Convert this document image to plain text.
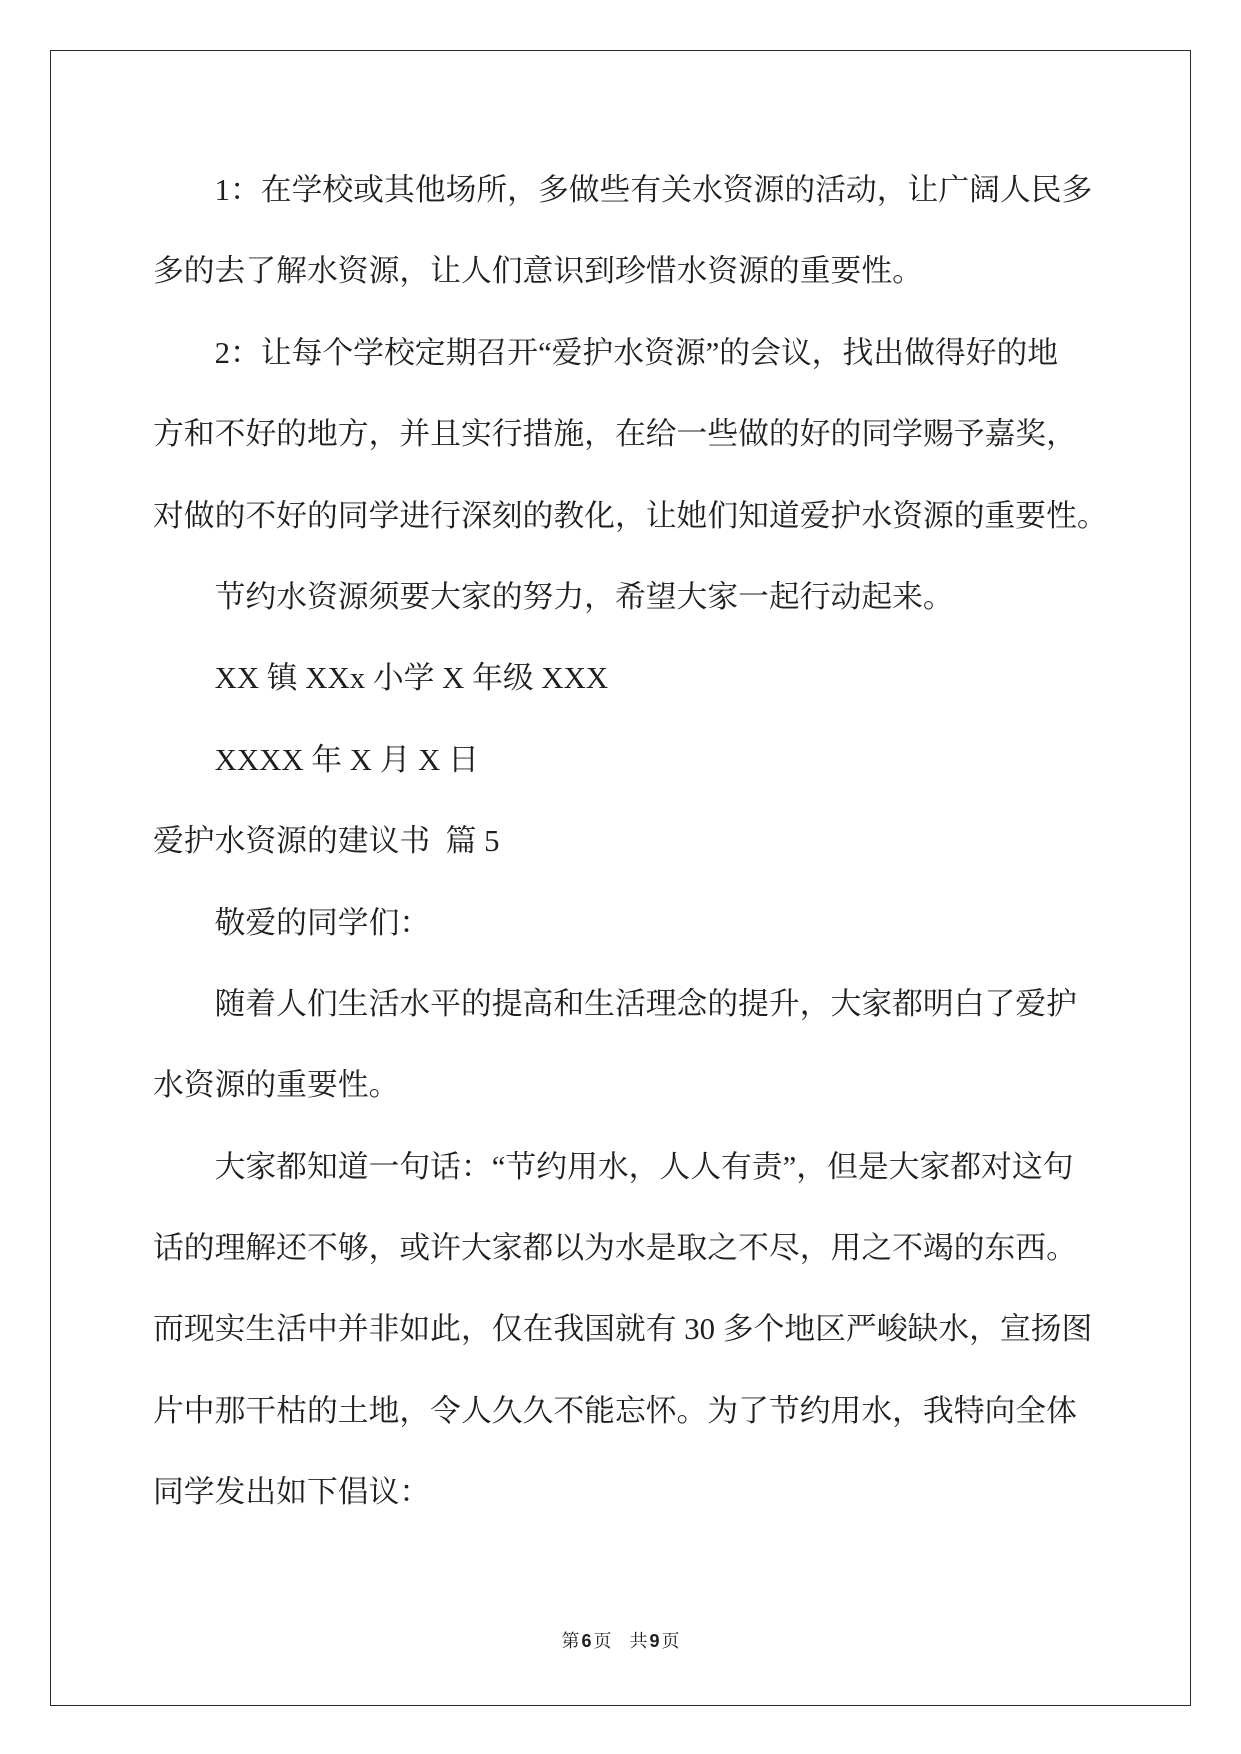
1：在学校或其他场所，多做些有关水资源的活动，让广阔人民多
多的去了解水资源，让人们意识到珍惜水资源的重要性。
2：让每个学校定期召开“爱护水资源”的会议，找出做得好的地
方和不好的地方，并且实行措施，在给一些做的好的同学赐予嘉奖，
对做的不好的同学进行深刻的教化，让她们知道爱护水资源的重要性。
节约水资源须要大家的努力，希望大家一起行动起来。
XX 镇 XXx 小学 X 年级 XXX
XXXX 年 X 月 X 日
爱护水资源的建议书  篇 5
敬爱的同学们：
随着人们生活水平的提高和生活理念的提升，大家都明白了爱护
水资源的重要性。
大家都知道一句话：“节约用水，人人有责”，但是大家都对这句
话的理解还不够，或许大家都以为水是取之不尽，用之不竭的东西。
而现实生活中并非如此，仅在我国就有 30 多个地区严峻缺水，宣扬图
片中那干枯的土地，令人久久不能忘怀。为了节约用水，我特向全体
同学发出如下倡议：
第 6 页 共 9 页
